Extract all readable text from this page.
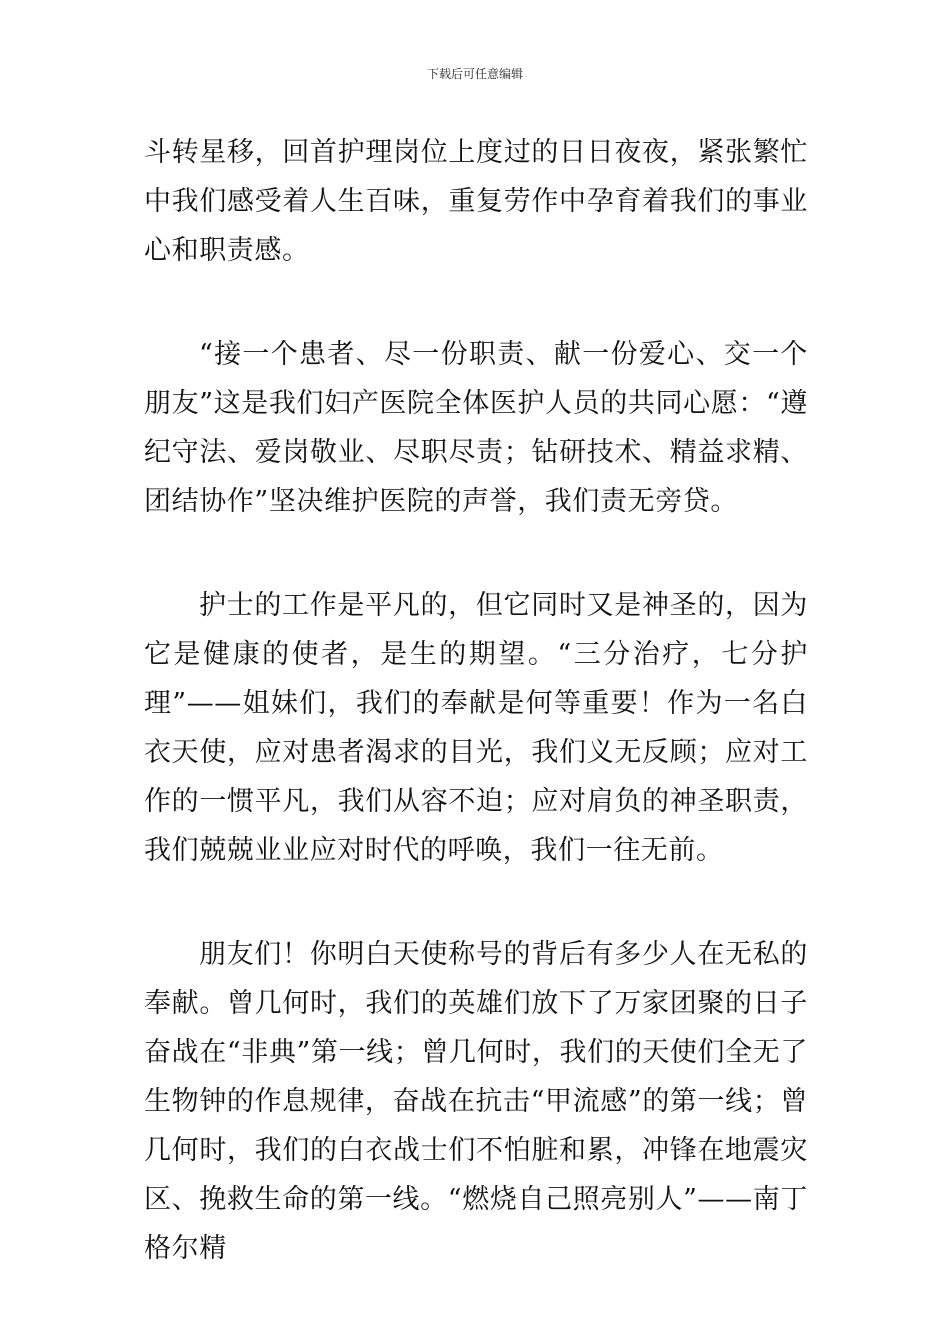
下载后可任意编辑

斗转星移，回首护理岗位上度过的日日夜夜，紧张繁忙中我们感受着人生百味，重复劳作中孕育着我们的事业心和职责感。

“接一个患者、尽一份职责、献一份爱心、交一个朋友”这是我们妇产医院全体医护人员的共同心愿：“遵纪守法、爱岗敬业、尽职尽责；钻研技术、精益求精、团结协作”坚决维护医院的声誉，我们责无旁贷。

护士的工作是平凡的，但它同时又是神圣的，因为它是健康的使者，是生的期望。“三分治疗，七分护理”——姐妹们，我们的奉献是何等重要！作为一名白衣天使，应对患者渴求的目光，我们义无反顾；应对工作的一惯平凡，我们从容不迫；应对肩负的神圣职责，我们兢兢业业应对时代的呼唤，我们一往无前。

朋友们！你明白天使称号的背后有多少人在无私的奉献。曾几何时，我们的英雄们放下了万家团聚的日子奋战在“非典”第一线；曾几何时，我们的天使们全无了生物钟的作息规律，奋战在抗击“甲流感”的第一线；曾几何时，我们的白衣战士们不怕脏和累，冲锋在地震灾区、挽救生命的第一线。“燃烧自己照亮别人”——南丁格尔精
